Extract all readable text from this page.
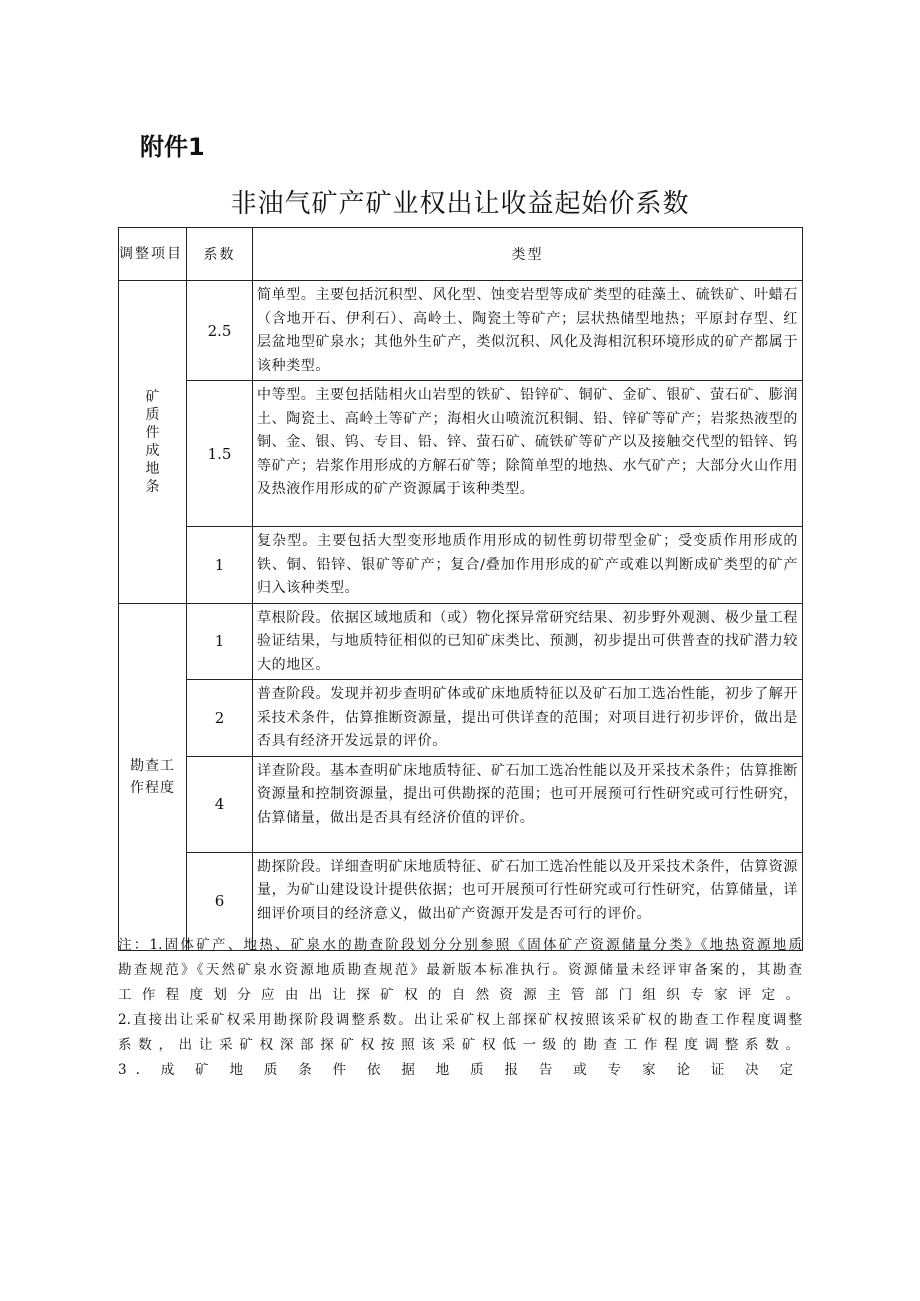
附件1
非油气矿产矿业权出让收益起始价系数
调整项目	系数	类型
矿质件成地条	2.5	简单型。主要包括沉积型、风化型、蚀变岩型等成矿类型的硅藻土、硫铁矿、叶蜡石（含地开石、伊利石）、高岭土、陶瓷土等矿产；层状热储型地热；平原封存型、红层盆地型矿泉水；其他外生矿产，类似沉积、风化及海相沉积环境形成的矿产都属于该种类型。
	1.5	中等型。主要包括陆相火山岩型的铁矿、铅锌矿、铜矿、金矿、银矿、萤石矿、膨润土、陶瓷土、高岭土等矿产；海相火山喷流沉积铜、铅、锌矿等矿产；岩浆热液型的铜、金、银、钨、专目、铅、锌、萤石矿、硫铁矿等矿产以及接触交代型的铅锌、钨等矿产；岩浆作用形成的方解石矿等；除简单型的地热、水气矿产；大部分火山作用及热液作用形成的矿产资源属于该种类型。
	1	复杂型。主要包括大型变形地质作用形成的韧性剪切带型金矿；受变质作用形成的铁、铜、铅锌、银矿等矿产；复合/叠加作用形成的矿产或难以判断成矿类型的矿产归入该种类型。
勘查工作程度	1	草根阶段。依据区域地质和（或）物化探异常研究结果、初步野外观测、极少量工程验证结果，与地质特征相似的已知矿床类比、预测，初步提出可供普查的找矿潜力较大的地区。
	2	普查阶段。发现并初步查明矿体或矿床地质特征以及矿石加工选冶性能，初步了解开采技术条件，估算推断资源量，提出可供详查的范围；对项目进行初步评价，做出是否具有经济开发远景的评价。
	4	详查阶段。基本查明矿床地质特征、矿石加工选冶性能以及开采技术条件；估算推断资源量和控制资源量，提出可供勘探的范围；也可开展预可行性研究或可行性研究，估算储量，做出是否具有经济价值的评价。
	6	勘探阶段。详细查明矿床地质特征、矿石加工选冶性能以及开采技术条件，估算资源量，为矿山建设设计提供依据；也可开展预可行性研究或可行性研究，估算储量，详细评价项目的经济意义，做出矿产资源开发是否可行的评价。

注：1.固体矿产、地热、矿泉水的勘查阶段划分分别参照《固体矿产资源储量分类》《地热资源地质

勘查规范》《天然矿泉水资源地质勘查规范》最新版本标准执行。资源储量未经评审备案的，其勘查

工作程度划分应由出让探矿权的自然资源主管部门组织专家评定。

2.直接出让采矿权采用勘探阶段调整系数。出让采矿权上部探矿权按照该采矿权的勘查工作程度调整

系数，出让采矿权深部探矿权按照该采矿权低一级的勘查工作程度调整系数。

3.成矿地质条件依据地质报告或专家论证决定
